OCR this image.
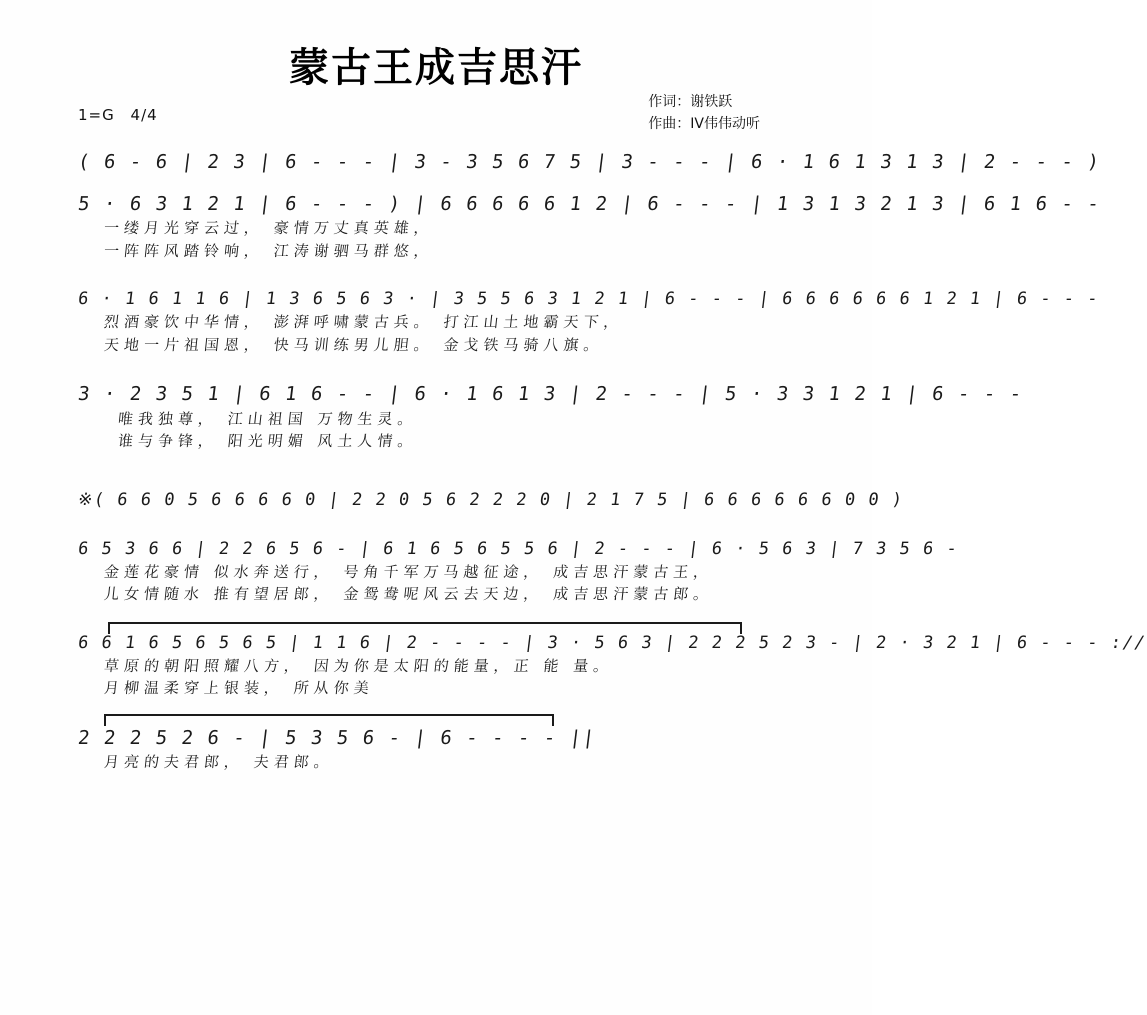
蒙古王成吉思汗
作词：谢铁跃
作曲：IV伟伟动听
1=G 4/4
( 6 - 6 | 2 3 | 6 - - - | 3 - 3 5 6 7 5 | 3 - - - | 6 · 1 6 1 3 1 3 | 2 - - - )
5 · 6 3 1 2 1 | 6 - - - ) | 6 6 6 6 6 1 2 | 6 - - - | 1 3 1 3 2 1 3 | 6 1 6 - -
一缕月光穿云过， 豪情万丈真英雄，
一阵阵风踏铃响， 江涛谢驷马群悠，
6 · 1 6 1 1 6 | 1 3 6 5 6 3 · | 3 5 5 6 3 1 2 1 | 6 - - - | 6 6 6 6 6 6 1 2 1 | 6 - - -
烈酒豪饮中华情， 澎湃呼啸蒙古兵。 打江山土地霸天下，
天地一片祖国恩， 快马训练男儿胆。 金戈铁马骑八旗。
3 · 2 3 5 1 | 6 1 6 - - | 6 · 1 6 1 3 | 2 - - - | 5 · 3 3 1 2 1 | 6 - - -
唯我独尊， 江山祖国 万物生灵。
谁与争锋， 阳光明媚 风土人情。
※( 6 6 0 5 6 6 6 6 0 | 2 2 0 5 6 2 2 2 0 | 2 1 7 5 | 6 6 6 6 6 6 0 0 )
6 5 3 6 6 | 2 2 6 5 6 - | 6 1 6 5 6 5 5 6 | 2 - - - | 6 · 5 6 3 | 7 3 5 6 -
金莲花豪情 似水奔送行， 号角千军万马越征途， 成吉思汗蒙古王，
儿女情随水 推有望居郎， 金鸳鸯呢风云去天边， 成吉思汗蒙古郎。
6 6 1 6 5 6 5 6 5 | 1 1 6 | 2 - - - - | 3 · 5 6 3 | 2 2 2 5 2 3 - | 2 · 3 2 1 | 6 - - - ://
草原的朝阳照耀八方， 因为你是太阳的能量，正 能 量。
月柳温柔穿上银装， 所从你美
2 2 2 5 2 6 - | 5 3 5 6 - | 6 - - - - ||
月亮的夫君郎， 夫君郎。
